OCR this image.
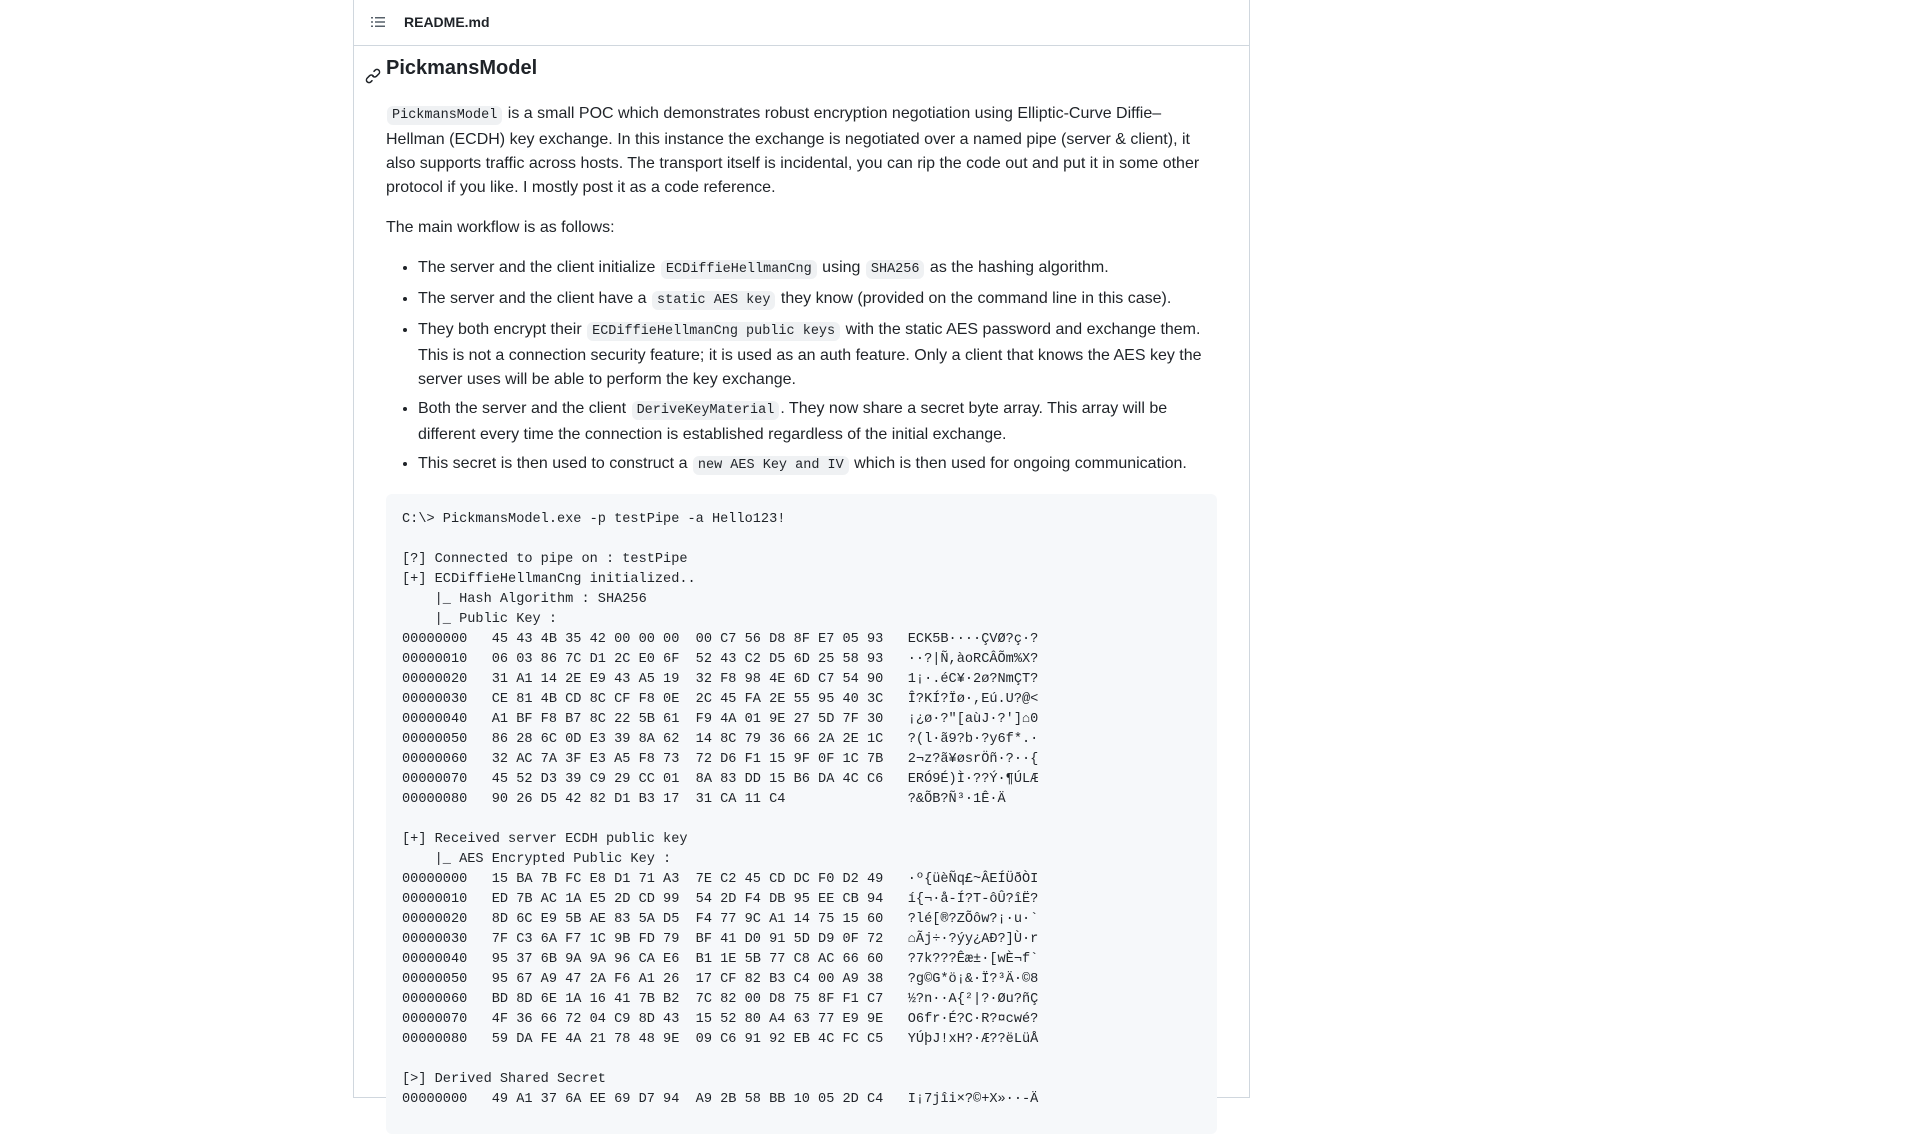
README.md
PickmansModel

PickmansModel is a small POC which demonstrates robust encryption negotiation using Elliptic-Curve Diffie–Hellman (ECDH) key exchange. In this instance the exchange is negotiated over a named pipe (server & client), it also supports traffic across hosts. The transport itself is incidental, you can rip the code out and put it in some other protocol if you like. I mostly post it as a code reference.

The main workflow is as follows:

• The server and the client initialize ECDiffieHellmanCng using SHA256 as the hashing algorithm.
• The server and the client have a static AES key they know (provided on the command line in this case).
• They both encrypt their ECDiffieHellmanCng public keys with the static AES password and exchange them. This is not a connection security feature; it is used as an auth feature. Only a client that knows the AES key the server uses will be able to perform the key exchange.
• Both the server and the client DeriveKeyMaterial . They now share a secret byte array. This array will be different every time the connection is established regardless of the initial exchange.
• This secret is then used to construct a new AES Key and IV which is then used for ongoing communication.
C:\> PickmansModel.exe -p testPipe -a Hello123!

[?] Connected to pipe on : testPipe
[+] ECDiffieHellmanCng initialized..
|_ Hash Algorithm : SHA256
|_ Public Key :
00000000   45 43 4B 35 42 00 00 00  00 C7 56 D8 8F E7 05 93   ECK5B····ÇVØ?ç·?
00000010   06 03 86 7C D1 2C E0 6F  52 43 C2 D5 6D 25 58 93   ··?|Ñ,àoRCÂÕm%X?
00000020   31 A1 14 2E E9 43 A5 19  32 F8 98 4E 6D C7 54 90   1¡·.éC¥·2ø?NmÇT?
00000030   CE 81 4B CD 8C CF F8 0E  2C 45 FA 2E 55 95 40 3C   Î?KÍ?Ïø·,Eú.U?@<
00000040   A1 BF F8 B7 8C 22 5B 61  F9 4A 01 9E 27 5D 7F 30   ¡¿ø·?"[aùJ·?']⌂0
00000050   86 28 6C 0D E3 39 8A 62  14 8C 79 36 66 2A 2E 1C   ?(l·ã9?b·?y6f*.·
00000060   32 AC 7A 3F E3 A5 F8 73  72 D6 F1 15 9F 0F 1C 7B   2¬z?ã¥øsrÖñ·?··{
00000070   45 52 D3 39 C9 29 CC 01  8A 83 DD 15 B6 DA 4C C6   ERÓ9É)Ì·??Ý·¶ÚLÆ
00000080   90 26 D5 42 82 D1 B3 17  31 CA 11 C4               ?&ÕB?Ñ³·1Ê·Ä

[+] Received server ECDH public key
|_ AES Encrypted Public Key :
00000000   15 BA 7B FC E8 D1 71 A3  7E C2 45 CD DC F0 D2 49   ·º{üèÑq£~ÂEÍÜðÒI
00000010   ED 7B AC 1A E5 2D CD 99  54 2D F4 DB 95 EE CB 94   í{¬·å-Í?T-ôÛ?îË?
00000020   8D 6C E9 5B AE 83 5A D5  F4 77 9C A1 14 75 15 60   ?lé[®?ZÕôw?¡·u·`
00000030   7F C3 6A F7 1C 9B FD 79  BF 41 D0 91 5D D9 0F 72   ⌂Ãj÷·?ýy¿AÐ?]Ù·r
00000040   95 37 6B 9A 9A 96 CA E6  B1 1E 5B 77 C8 AC 66 60   ?7k???Êæ±·[wÈ¬f`
00000050   95 67 A9 47 2A F6 A1 26  17 CF 82 B3 C4 00 A9 38   ?g©G*ö¡&·Ï?³Ä·©8
00000060   BD 8D 6E 1A 16 41 7B B2  7C 82 00 D8 75 8F F1 C7   ½?n··A{²|?·Øu?ñÇ
00000070   4F 36 66 72 04 C9 8D 43  15 52 80 A4 63 77 E9 9E   O6fr·É?C·R?¤cwé?
00000080   59 DA FE 4A 21 78 48 9E  09 C6 91 92 EB 4C FC C5   YÚþJ!xH?·Æ??ëLüÅ

[>] Derived Shared Secret
00000000   49 A1 37 6A EE 69 D7 94  A9 2B 58 BB 10 05 2D C4   I¡7jîi×?©+X»··-Ä
